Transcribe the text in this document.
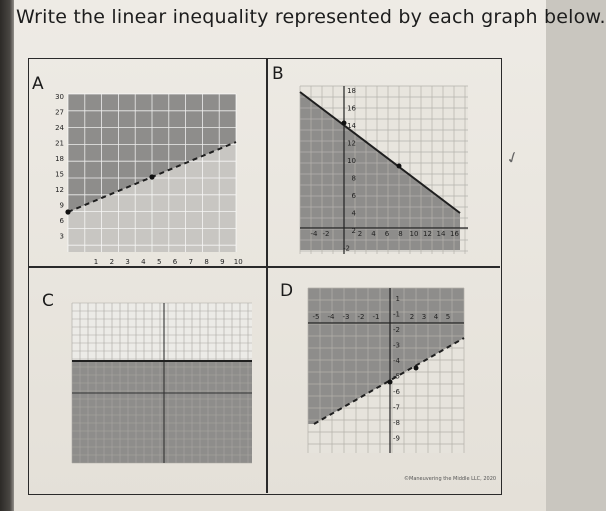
Write the linear inequality represented by each graph below.
A	B
C	D
30
27
24
21
18
15
12
9
6
3
1 2 3 4 5 6 7 8 9 10
18
16
14
12
10
8
6
4
2
-2
-4 -2	2 4 6 8 10 12 14 16
1
-1
-2
-3
-4
-5
-6
-7
-8
-9
-5 -4 -3 -2 -1	2 3 4 5
✓
©Maneuvering the Middle LLC, 2020
